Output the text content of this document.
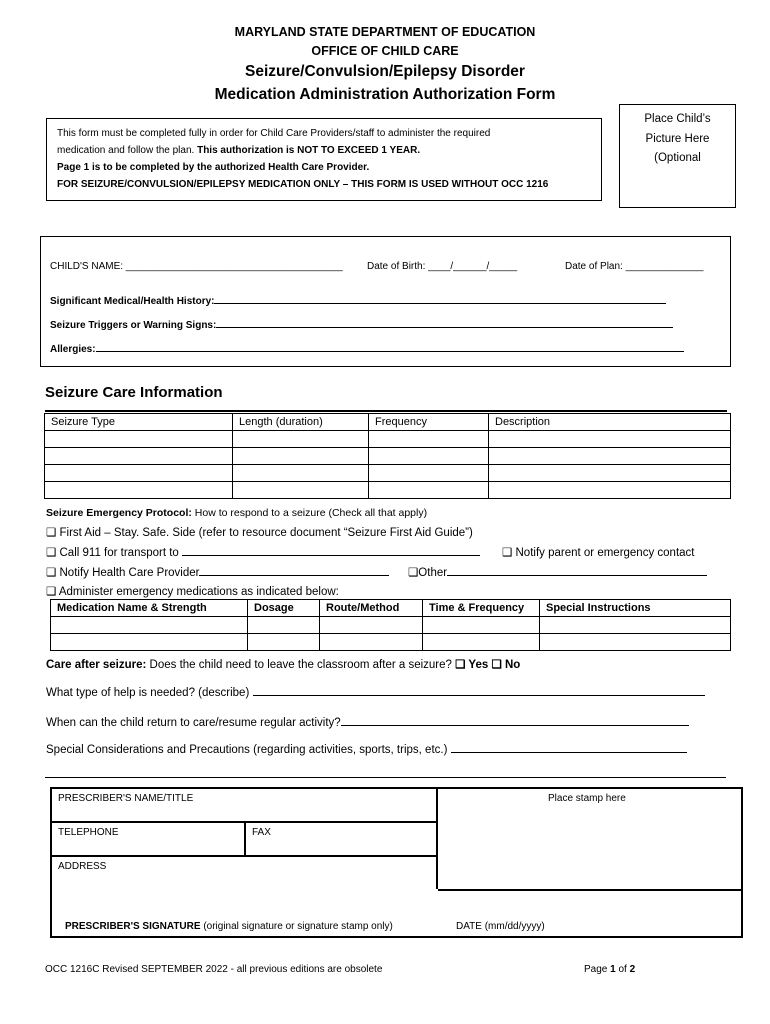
MARYLAND STATE DEPARTMENT OF EDUCATION
OFFICE OF CHILD CARE
Seizure/Convulsion/Epilepsy Disorder
Medication Administration Authorization Form
This form must be completed fully in order for Child Care Providers/staff to administer the required
medication and follow the plan. This authorization is NOT TO EXCEED 1 YEAR.
Page 1 is to be completed by the authorized Health Care Provider.
FOR SEIZURE/CONVULSION/EPILEPSY MEDICATION ONLY – THIS FORM IS USED WITHOUT OCC 1216
Place Child’s
Picture Here
(Optional
CHILD'S NAME: _______________________________________ Date of Birth: ____/______/_____	Date of Plan: ______________
Significant Medical/Health History:
Seizure Triggers or Warning Signs:
Allergies:
Seizure Care Information
Seizure Type	Length (duration)	Frequency	Description

Seizure Emergency Protocol: How to respond to a seizure (Check all that apply)
❑ First Aid – Stay. Safe. Side (refer to resource document “Seizure First Aid Guide”)
❑ Call 911 for transport to	❑ Notify parent or emergency contact
❑ Notify Health Care Provider	❑Other
❑ Administer emergency medications as indicated below:
Medication Name & Strength	Dosage	Route/Method	Time & Frequency	Special Instructions

Care after seizure: Does the child need to leave the classroom after a seizure? ❑ Yes ❑ No
What type of help is needed? (describe)
When can the child return to care/resume regular activity?
Special Considerations and Precautions (regarding activities, sports, trips, etc.)
PRESCRIBER'S NAME/TITLE	Place stamp here
TELEPHONE	FAX
ADDRESS
PRESCRIBER'S SIGNATURE (original signature or signature stamp only)	DATE (mm/dd/yyyy)
OCC 1216C Revised SEPTEMBER 2022 - all previous editions are obsolete	Page 1 of 2
